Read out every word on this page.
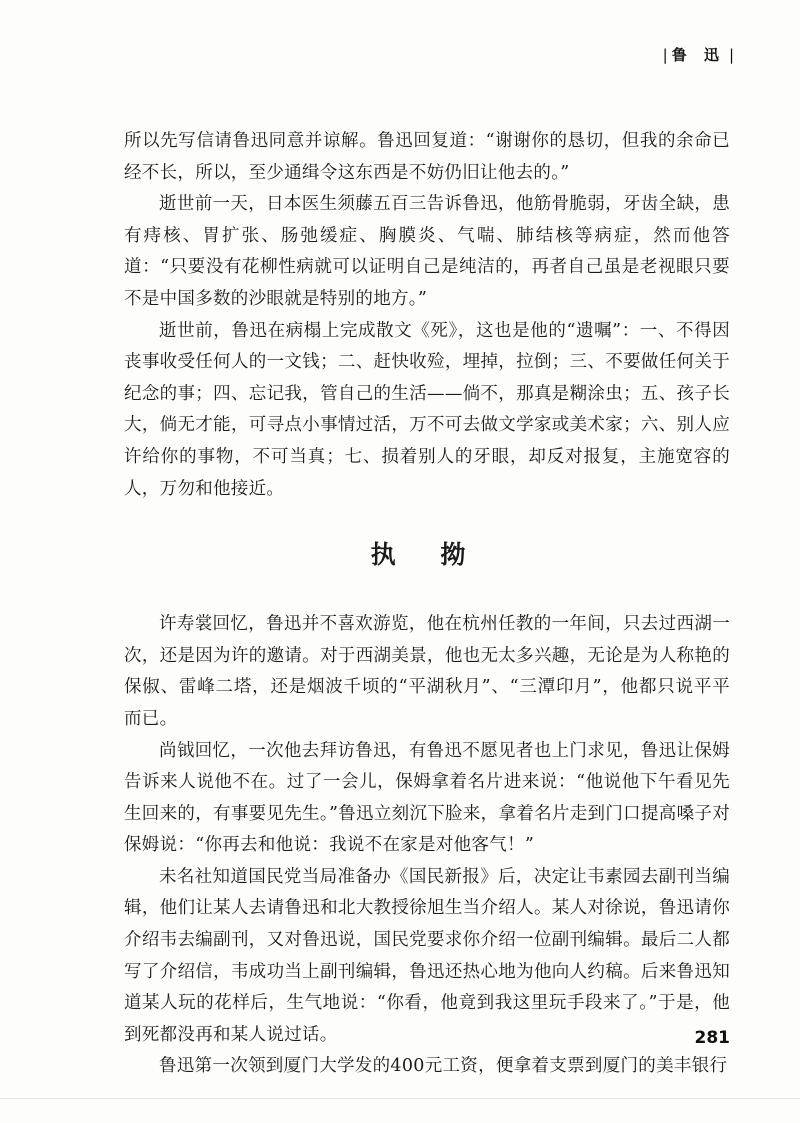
| 鲁 迅 |

所以先写信请鲁迅同意并谅解。鲁迅回复道：“谢谢你的恳切，但我的余命已经不长，所以，至少通缉令这东西是不妨仍旧让他去的。”

逝世前一天，日本医生须藤五百三告诉鲁迅，他筋骨脆弱，牙齿全缺，患有痔核、胃扩张、肠弛缓症、胸膜炎、气喘、肺结核等病症，然而他答道：“只要没有花柳性病就可以证明自己是纯洁的，再者自己虽是老视眼只要不是中国多数的沙眼就是特别的地方。”

逝世前，鲁迅在病榻上完成散文《死》，这也是他的“遗嘱”：一、不得因丧事收受任何人的一文钱；二、赶快收殓，埋掉，拉倒；三、不要做任何关于纪念的事；四、忘记我，管自己的生活——倘不，那真是糊涂虫；五、孩子长大，倘无才能，可寻点小事情过活，万不可去做文学家或美术家；六、别人应许给你的事物，不可当真；七、损着别人的牙眼，却反对报复，主施宽容的人，万勿和他接近。

执 拗

许寿裳回忆，鲁迅并不喜欢游览，他在杭州任教的一年间，只去过西湖一次，还是因为许的邀请。对于西湖美景，他也无太多兴趣，无论是为人称艳的保俶、雷峰二塔，还是烟波千顷的“平湖秋月”、“三潭印月”，他都只说平平而已。

尚钺回忆，一次他去拜访鲁迅，有鲁迅不愿见者也上门求见，鲁迅让保姆告诉来人说他不在。过了一会儿，保姆拿着名片进来说：“他说他下午看见先生回来的，有事要见先生。”鲁迅立刻沉下脸来，拿着名片走到门口提高嗓子对保姆说：“你再去和他说：我说不在家是对他客气！”

未名社知道国民党当局准备办《国民新报》后，决定让韦素园去副刊当编辑，他们让某人去请鲁迅和北大教授徐旭生当介绍人。某人对徐说，鲁迅请你介绍韦去编副刊，又对鲁迅说，国民党要求你介绍一位副刊编辑。最后二人都写了介绍信，韦成功当上副刊编辑，鲁迅还热心地为他向人约稿。后来鲁迅知道某人玩的花样后，生气地说：“你看，他竟到我这里玩手段来了。”于是，他到死都没再和某人说过话。

鲁迅第一次领到厦门大学发的400元工资，便拿着支票到厦门的美丰银行

281
